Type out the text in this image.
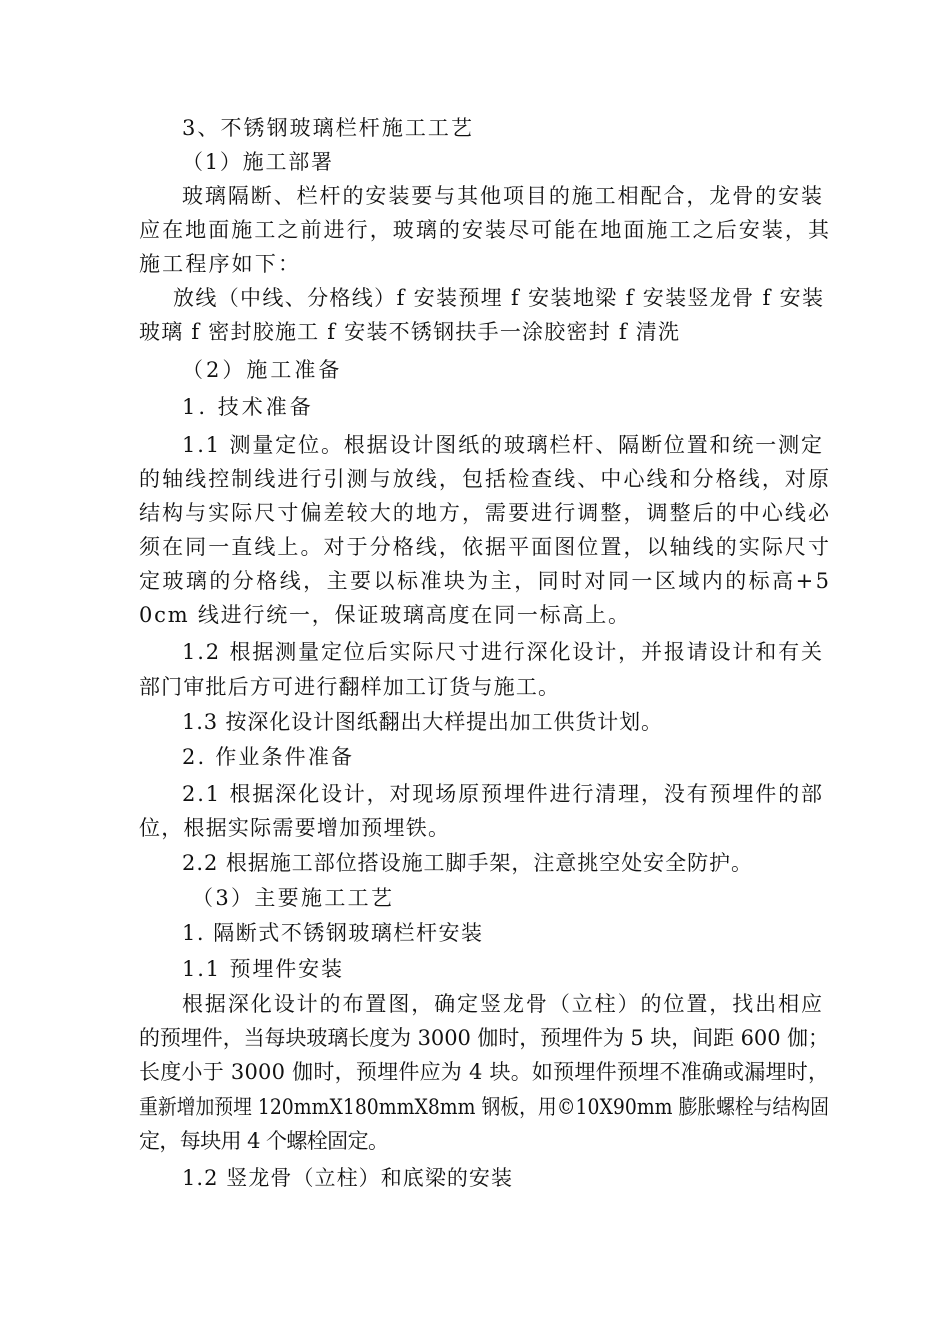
3、不锈钢玻璃栏杆施工工艺
（1）施工部署
玻璃隔断、栏杆的安装要与其他项目的施工相配合，龙骨的安装
应在地面施工之前进行，玻璃的安装尽可能在地面施工之后安装，其
施工程序如下：
放线（中线、分格线）f 安装预埋 f 安装地梁 f 安装竖龙骨 f 安装
玻璃 f 密封胶施工 f 安装不锈钢扶手一涂胶密封 f 清洗
（2）施工准备
1. 技术准备
1.1 测量定位。根据设计图纸的玻璃栏杆、隔断位置和统一测定
的轴线控制线进行引测与放线，包括检查线、中心线和分格线，对原
结构与实际尺寸偏差较大的地方，需要进行调整，调整后的中心线必
须在同一直线上。对于分格线，依据平面图位置，以轴线的实际尺寸
定玻璃的分格线，主要以标准块为主，同时对同一区域内的标高+5
0cm 线进行统一，保证玻璃高度在同一标高上。
1.2 根据测量定位后实际尺寸进行深化设计，并报请设计和有关
部门审批后方可进行翻样加工订货与施工。
1.3 按深化设计图纸翻出大样提出加工供货计划。
2. 作业条件准备
2.1 根据深化设计，对现场原预埋件进行清理，没有预埋件的部
位，根据实际需要增加预埋铁。
2.2 根据施工部位搭设施工脚手架，注意挑空处安全防护。
（3）主要施工工艺
1. 隔断式不锈钢玻璃栏杆安装
1.1 预埋件安装
根据深化设计的布置图，确定竖龙骨（立柱）的位置，找出相应
的预埋件，当每块玻璃长度为 3000 伽时，预埋件为 5 块，间距 600 伽；
长度小于 3000 伽时，预埋件应为 4 块。如预埋件预埋不准确或漏埋时，
重新增加预埋 120mmX180mmX8mm 钢板，用©10X90mm 膨胀螺栓与结构固
定，每块用 4 个螺栓固定。
1.2 竖龙骨（立柱）和底梁的安装
